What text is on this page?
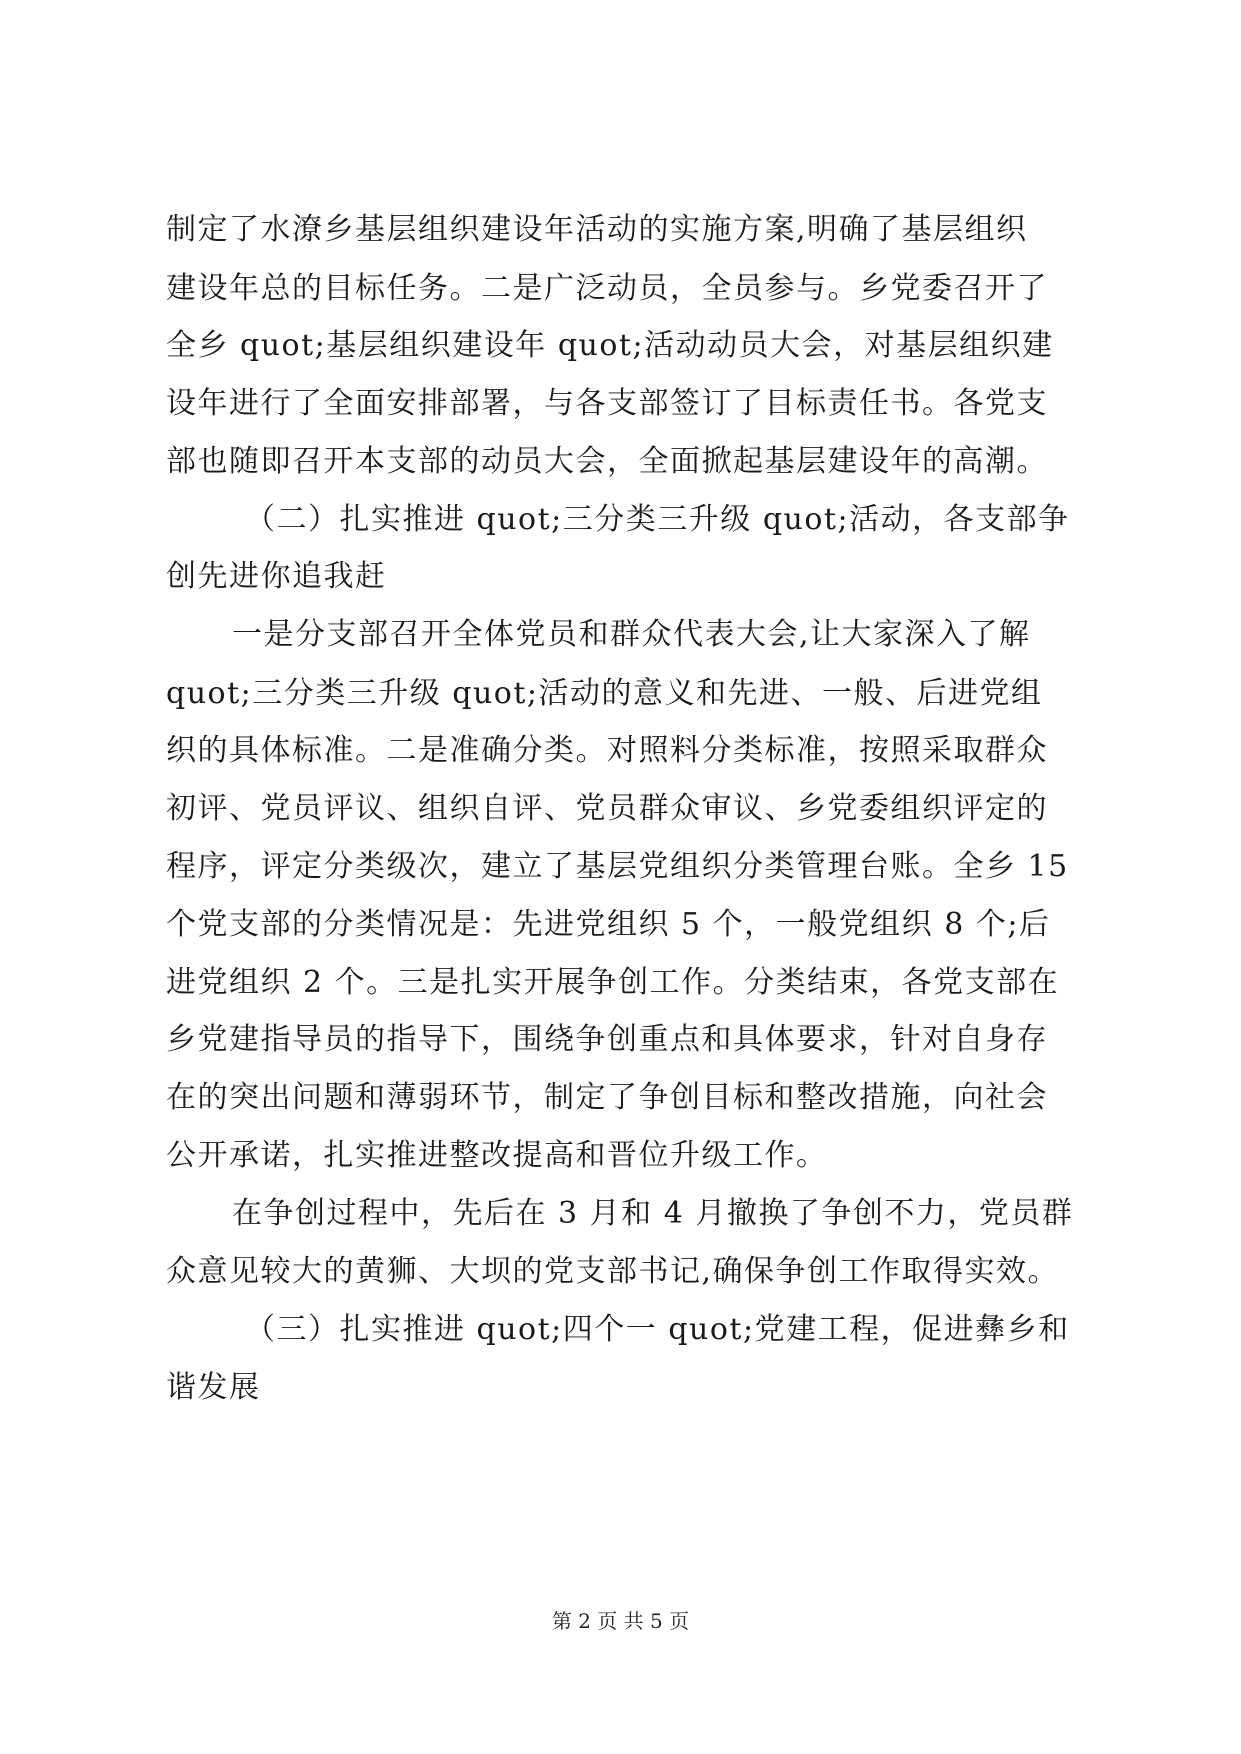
制定了水潦乡基层组织建设年活动的实施方案,明确了基层组织
建设年总的目标任务。二是广泛动员，全员参与。乡党委召开了
全乡 quot;基层组织建设年 quot;活动动员大会，对基层组织建
设年进行了全面安排部署，与各支部签订了目标责任书。各党支
部也随即召开本支部的动员大会，全面掀起基层建设年的高潮。
（二）扎实推进 quot;三分类三升级 quot;活动，各支部争
创先进你追我赶
一是分支部召开全体党员和群众代表大会,让大家深入了解
quot;三分类三升级 quot;活动的意义和先进、一般、后进党组
织的具体标准。二是准确分类。对照料分类标准，按照采取群众
初评、党员评议、组织自评、党员群众审议、乡党委组织评定的
程序，评定分类级次，建立了基层党组织分类管理台账。全乡 15
个党支部的分类情况是：先进党组织 5 个，一般党组织 8 个;后
进党组织 2 个。三是扎实开展争创工作。分类结束，各党支部在
乡党建指导员的指导下，围绕争创重点和具体要求，针对自身存
在的突出问题和薄弱环节，制定了争创目标和整改措施，向社会
公开承诺，扎实推进整改提高和晋位升级工作。
在争创过程中，先后在 3 月和 4 月撤换了争创不力，党员群
众意见较大的黄狮、大坝的党支部书记,确保争创工作取得实效。
（三）扎实推进 quot;四个一 quot;党建工程，促进彝乡和
谐发展
第 2 页 共 5 页
